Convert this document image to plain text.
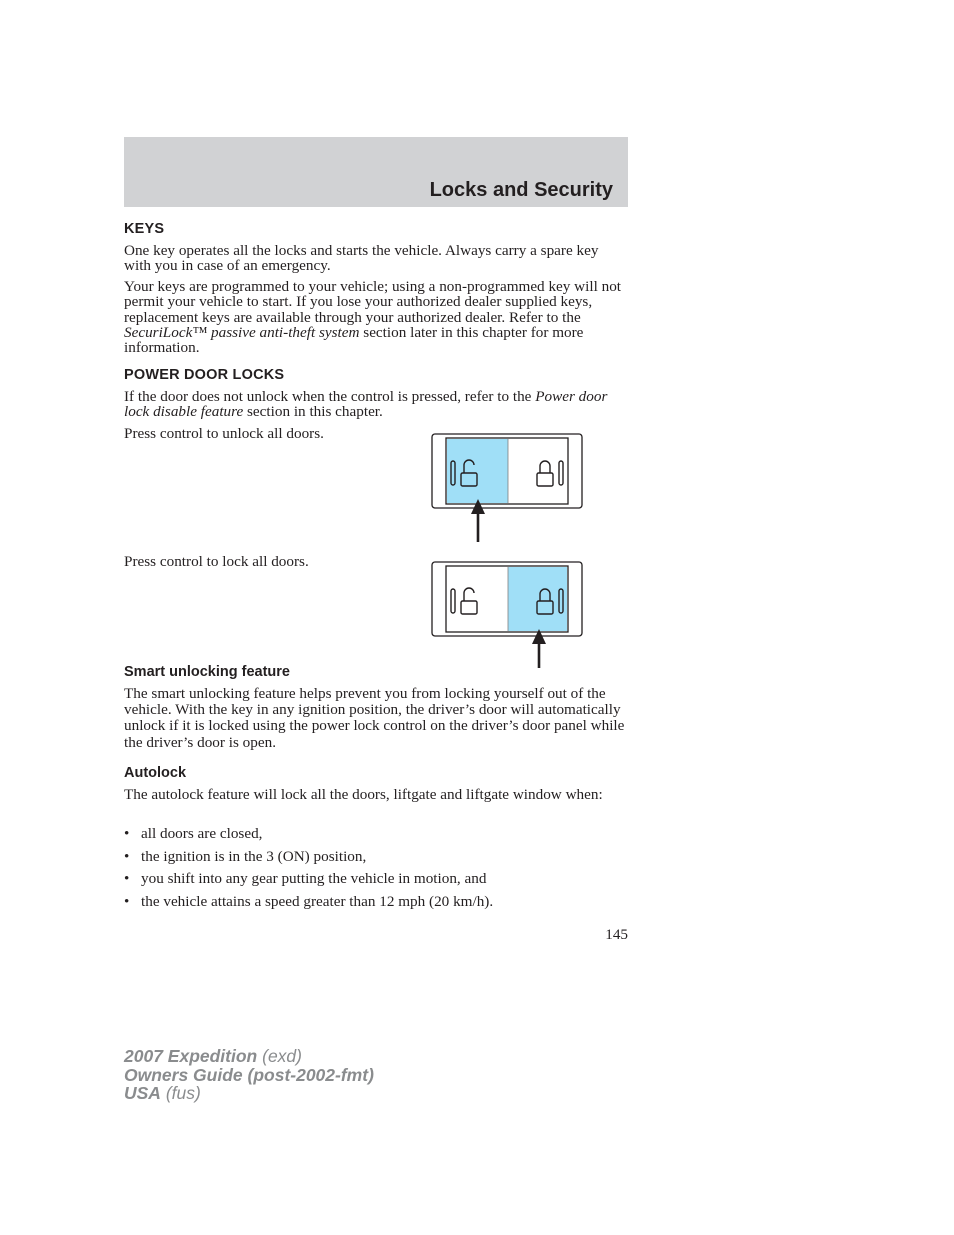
Locks and Security
KEYS

One key operates all the locks and starts the vehicle. Always carry a spare key with you in case of an emergency.

Your keys are programmed to your vehicle; using a non-programmed key will not permit your vehicle to start. If you lose your authorized dealer supplied keys, replacement keys are available through your authorized dealer. Refer to the SecuriLock™ passive anti-theft system section later in this chapter for more information.

POWER DOOR LOCKS

If the door does not unlock when the control is pressed, refer to the Power door lock disable feature section in this chapter.

Press control to unlock all doors.

Press control to lock all doors.

Smart unlocking feature

The smart unlocking feature helps prevent you from locking yourself out of the vehicle. With the key in any ignition position, the driver’s door will automatically unlock if it is locked using the power lock control on the driver’s door panel while the driver’s door is open.

Autolock

The autolock feature will lock all the doors, liftgate and liftgate window when:

• all doors are closed,
• the ignition is in the 3 (ON) position,
• you shift into any gear putting the vehicle in motion, and
• the vehicle attains a speed greater than 12 mph (20 km/h).
145
2007 Expedition (exd)
Owners Guide (post-2002-fmt)
USA (fus)
